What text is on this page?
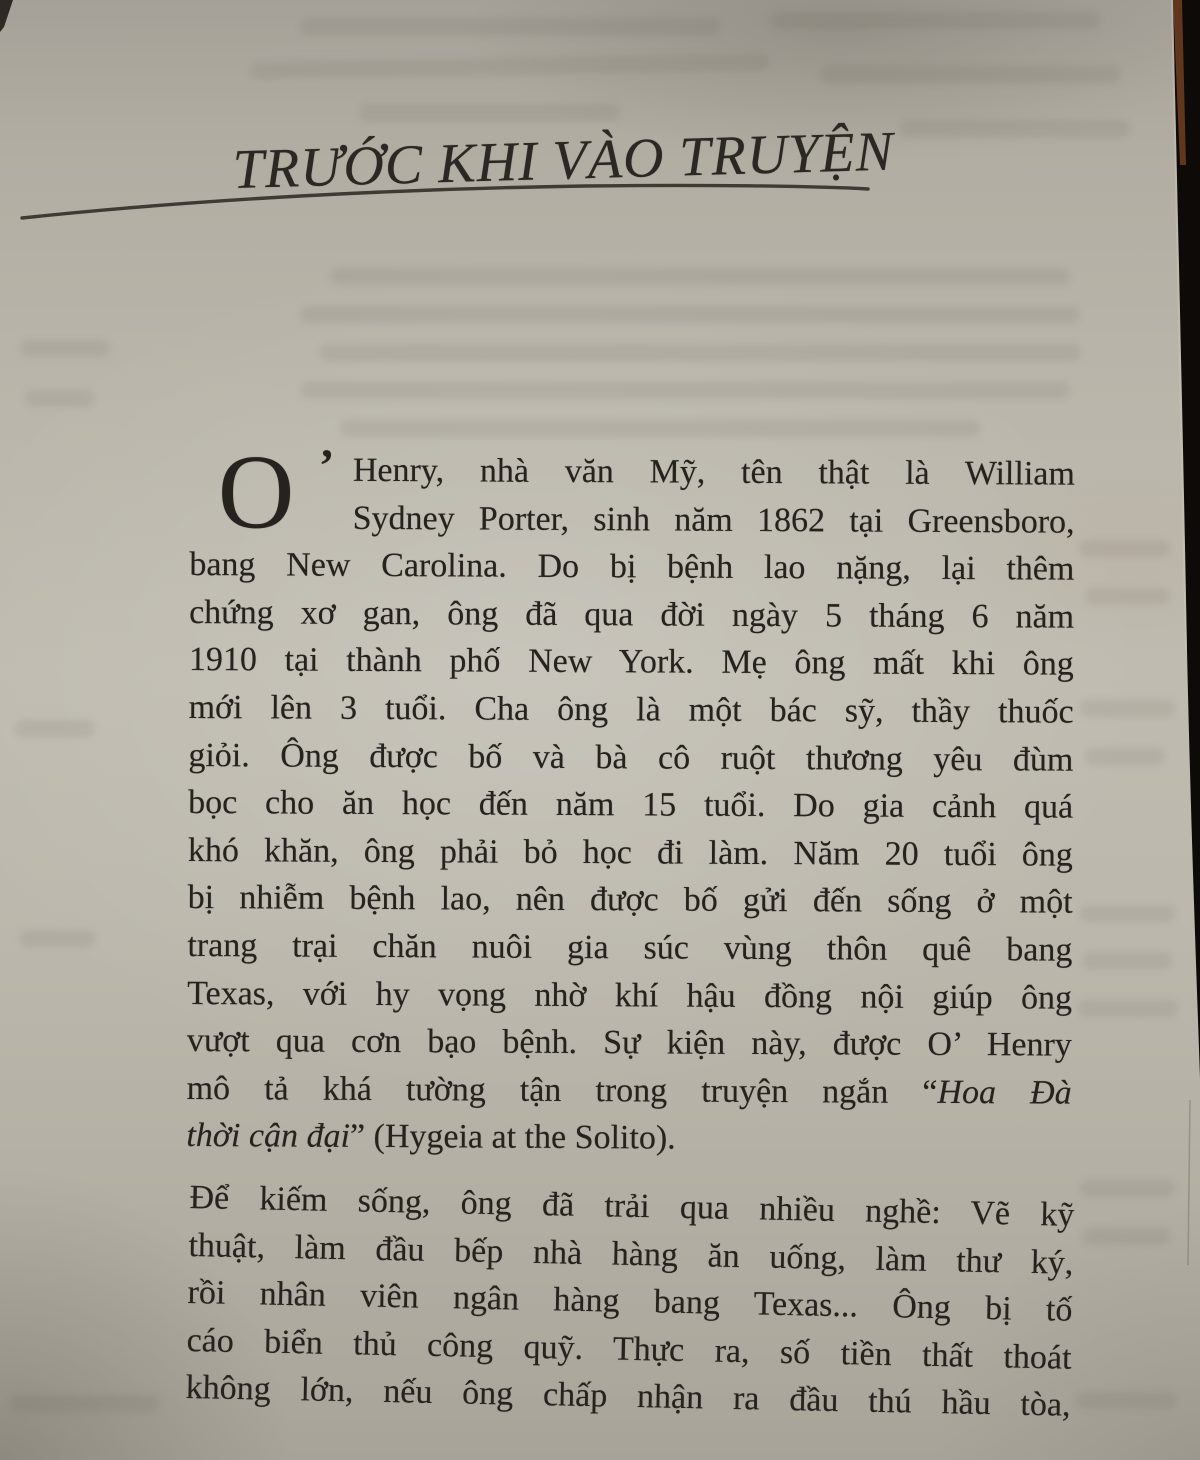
TRƯỚC KHI VÀO TRUYỆN
O ’ Henry, nhà văn Mỹ, tên thật là William
Sydney Porter, sinh năm 1862 tại Greensboro,
bang New Carolina. Do bị bệnh lao nặng, lại thêm
chứng xơ gan, ông đã qua đời ngày 5 tháng 6 năm
1910 tại thành phố New York. Mẹ ông mất khi ông
mới lên 3 tuổi. Cha ông là một bác sỹ, thầy thuốc
giỏi. Ông được bố và bà cô ruột thương yêu đùm
bọc cho ăn học đến năm 15 tuổi. Do gia cảnh quá
khó khăn, ông phải bỏ học đi làm. Năm 20 tuổi ông
bị nhiễm bệnh lao, nên được bố gửi đến sống ở một
trang trại chăn nuôi gia súc vùng thôn quê bang
Texas, với hy vọng nhờ khí hậu đồng nội giúp ông
vượt qua cơn bạo bệnh. Sự kiện này, được O’ Henry
mô tả khá tường tận trong truyện ngắn “Hoa Đà
thời cận đại” (Hygeia at the Solito).
Để kiếm sống, ông đã trải qua nhiều nghề: Vẽ kỹ
thuật, làm đầu bếp nhà hàng ăn uống, làm thư ký,
rồi nhân viên ngân hàng bang Texas... Ông bị tố
cáo biển thủ công quỹ. Thực ra, số tiền thất thoát
không lớn, nếu ông chấp nhận ra đầu thú hầu tòa,
